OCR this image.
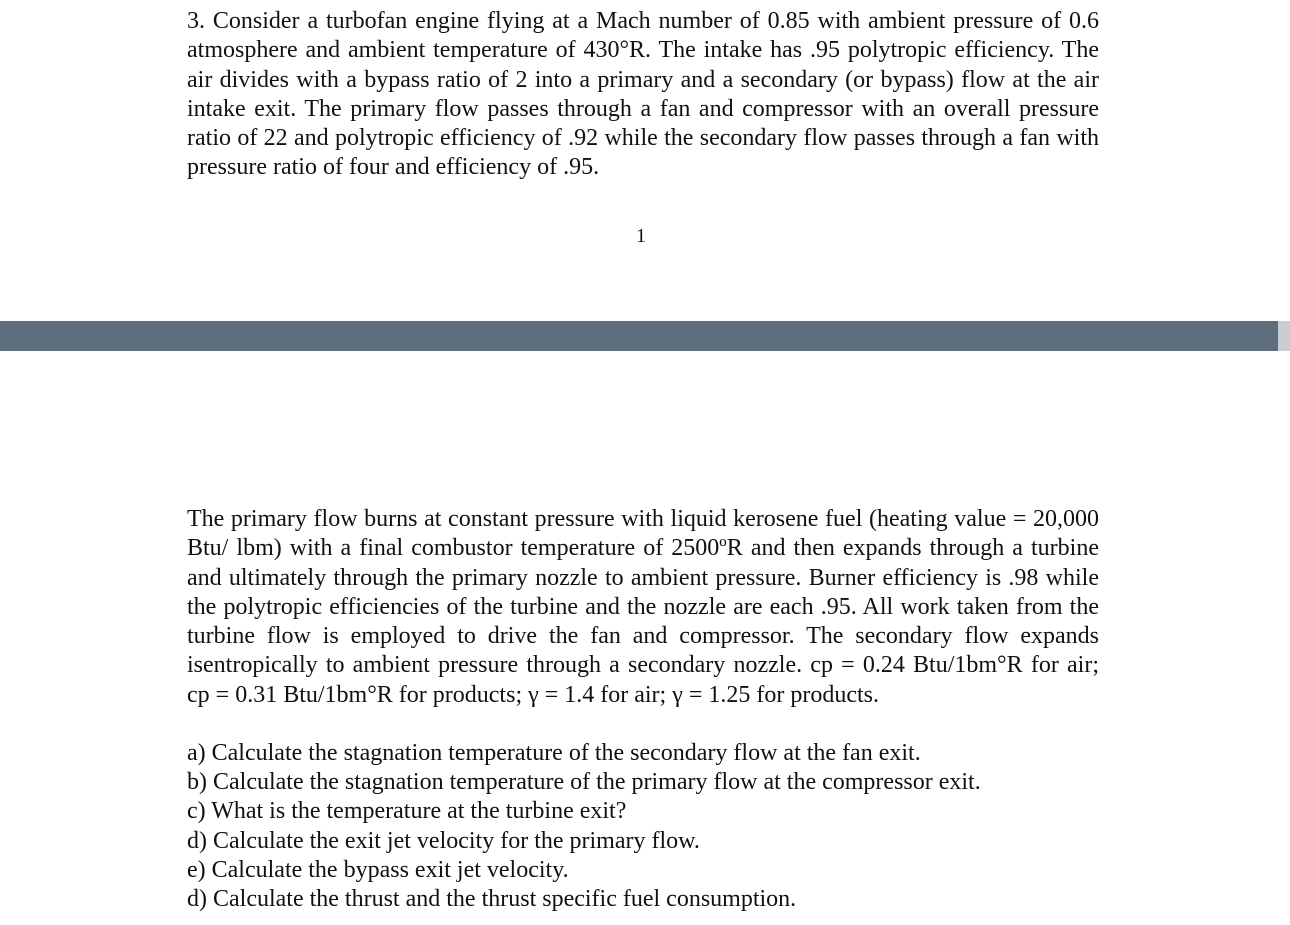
3. Consider a turbofan engine flying at a Mach number of 0.85 with ambient pressure of 0.6 atmosphere and ambient temperature of 430°R. The intake has .95 polytropic efficiency. The air divides with a bypass ratio of 2 into a primary and a secondary (or bypass) flow at the air intake exit. The primary flow passes through a fan and compressor with an overall pressure ratio of 22 and polytropic efficiency of .92 while the secondary flow passes through a fan with pressure ratio of four and efficiency of .95.

1

The primary flow burns at constant pressure with liquid kerosene fuel (heating value = 20,000 Btu/ lbm) with a final combustor temperature of 2500ºR and then expands through a turbine and ultimately through the primary nozzle to ambient pressure. Burner efficiency is .98 while the polytropic efficiencies of the turbine and the nozzle are each .95. All work taken from the turbine flow is employed to drive the fan and compressor. The secondary flow expands isentropically to ambient pressure through a secondary nozzle. cp = 0.24 Btu/1bm°R for air; cp = 0.31 Btu/1bm°R for products; γ = 1.4 for air; γ = 1.25 for products.

a) Calculate the stagnation temperature of the secondary flow at the fan exit.
b) Calculate the stagnation temperature of the primary flow at the compressor exit.
c) What is the temperature at the turbine exit?
d) Calculate the exit jet velocity for the primary flow.
e) Calculate the bypass exit jet velocity.
d) Calculate the thrust and the thrust specific fuel consumption.
